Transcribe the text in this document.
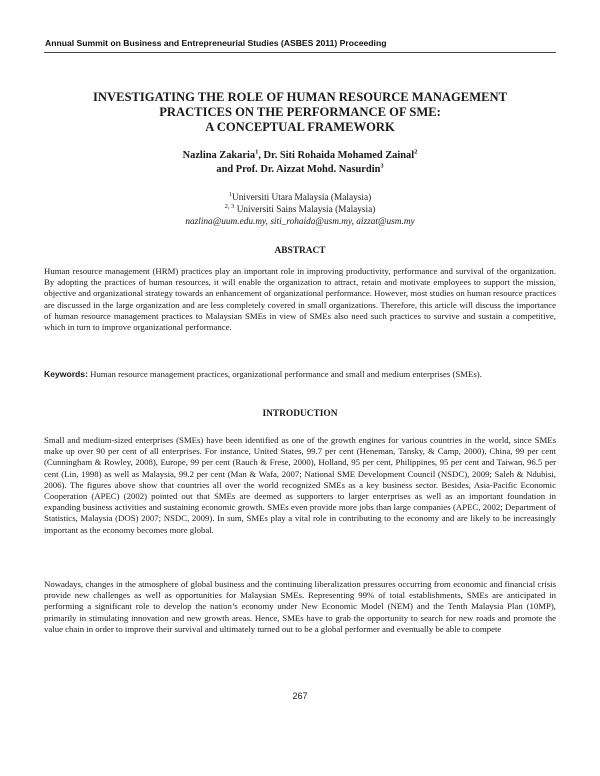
Annual Summit on Business and Entrepreneurial Studies (ASBES 2011) Proceeding
INVESTIGATING THE ROLE OF HUMAN RESOURCE MANAGEMENT
PRACTICES ON THE PERFORMANCE OF SME:
A CONCEPTUAL FRAMEWORK
Nazlina Zakaria$^1$, Dr. Siti Rohaida Mohamed Zainal$^2$
and Prof. Dr. Aizzat Mohd. Nasurdin$^3$
$^1$Universiti Utara Malaysia (Malaysia)
$^{2, 3}$ Universiti Sains Malaysia (Malaysia)
nazlina@uum.edu.my, siti_rohaida@usm.my, aizzat@usm.my
ABSTRACT
Human resource management (HRM) practices play an important role in improving productivity, performance and survival of the organization. By adopting the practices of human resources, it will enable the organization to attract, retain and motivate employees to support the mission, objective and organizational strategy towards an enhancement of organizational performance. However, most studies on human resource practices are discussed in the large organization and are less completely covered in small organizations. Therefore, this article will discuss the importance of human resource management practices to Malaysian SMEs in view of SMEs also need such practices to survive and sustain a competitive, which in turn to improve organizational performance.
Keywords: Human resource management practices, organizational performance and small and medium enterprises (SMEs).
INTRODUCTION
Small and medium-sized enterprises (SMEs) have been identified as one of the growth engines for various countries in the world, since SMEs make up over 90 per cent of all enterprises. For instance, United States, 99.7 per cent (Heneman, Tansky, & Camp, 2000), China, 99 per cent (Cunningham & Rowley, 2008), Europe, 99 per cent (Rauch & Frese, 2000), Holland, 95 per cent, Philippines, 95 per cent and Taiwan, 96.5 per cent (Lin, 1998) as well as Malaysia, 99.2 per cent (Man & Wafa, 2007; National SME Development Council (NSDC), 2009; Saleh & Ndubisi, 2006). The figures above show that countries all over the world recognized SMEs as a key business sector. Besides, Asia-Pacific Economic Cooperation (APEC) (2002) pointed out that SMEs are deemed as supporters to larger enterprises as well as an important foundation in expanding business activities and sustaining economic growth. SMEs even provide more jobs than large companies (APEC, 2002; Department of Statistics, Malaysia (DOS) 2007; NSDC, 2009). In sum, SMEs play a vital role in contributing to the economy and are likely to be increasingly important as the economy becomes more global.
Nowadays, changes in the atmosphere of global business and the continuing liberalization pressures occurring from economic and financial crisis provide new challenges as well as opportunities for Malaysian SMEs. Representing 99% of total establishments, SMEs are anticipated in performing a significant role to develop the nation’s economy under New Economic Model (NEM) and the Tenth Malaysia Plan (10MP), primarily in stimulating innovation and new growth areas. Hence, SMEs have to grab the opportunity to search for new roads and promote the value chain in order to improve their survival and ultimately turned out to be a global performer and eventually be able to compete
267
